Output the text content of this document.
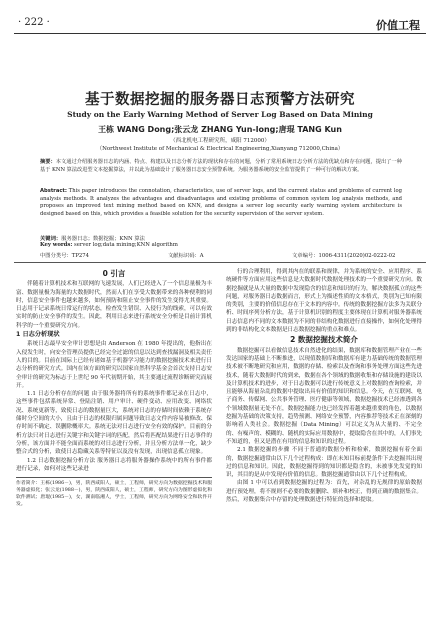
· 222 ·	价值工程
基于数据挖掘的服务器日志预警方法研究
Study on the Early Warning Method of Server Log Based on Data Mining
王栋 WANG Dong;张云龙 ZHANG Yun-long;唐琨 TANG Kun
（西北机电工程研究所，咸阳 712000）
（Northwest Institute of Mechanical & Electrical Engineering,Xianyang 712000,China）
摘要：本文通过介绍服务器日志的内涵、特点、构建以及日志分析方法的现状和存在的问题，分析了常用系统日志分析方法的优缺点和存在问题，提出了一种基于 KNN 算法改进型文本挖掘算法，并以此为基础设计了服务器日志安全预警系统。为服务器系统的安全监管提供了一种可行的解决方案。
Abstract: This paper introduces the connotation, characteristics, use of server logs, and the current status and problems of current log analysis methods. It analyzes the advantages and disadvantages and existing problems of common system log analysis methods, and proposes an improved text mining method based on KNN, and designs a server log security early warning system architecture is designed based on this, which provides a feasible solution for the security supervision of the server system.
关键词：服务器日志；数据挖掘；KNN 算法
Key words: server log;data mining;KNN algorithm
中图分类号：TP274	文献标识码：A	文章编号：1006-4311(2020)02-0222-02
0 引言

伴随着计算机技术和互联网的飞速发展，人们已经进入了一个信息量极为丰富、数据量极为海量的大数据时代，然而人们在享受大数据带来的各种便利的同时，信息安全事件也越来越多，如何预防和阻止安全事件的发生变得尤其重要。日志用于记录系统日常运行的状态，检查发生错误、入侵行为的线索，可以有效实时的防止安全事件的发生。因此，利用日志来进行系统安全分析是目前计算机科学的一个重要研究方向。

1 日志分析现状

系统日志最早安全审计思想是由 Anderson 在 1980 年提出的，他指出在入侵发生时，向安全管理员提供已经完全过滤的信息以达到查找漏洞及相关责任人的目的。目前在国际上已经有诸如基于机器学习能力的数据挖掘技术来进行日志分析的研究方式。国内在该方面的研究以国家自然科学基金会首次支持日志安全审计的研究为标志于上世纪 90 年代初期开始，其主要通过流程诊断研究而展开。

1.1 日志分析存在的问题 由于服务器将所有的系统事件都记录在日志中，这些事件包括系统异常、登陆注销、用户审计、硬件变动、应用改变、网络状况、系统更新等，致使日志的数据量巨大，系统对日志的存储时间依赖于系统存储时分空间的大小，且由于日志的权限归属问题导致日志文件内容易被修改、保存时间不确定、误删除概率大。系统无法对日志进行安全有效的保护。目前的分析方法只对日志进行关键字和关键字词的匹配，然后将匹配结果进行日志事件的分析，该方面并不能全面而系统的对日志进行分析，并且分析方法单一化，缺少整合式的分析，致使日志隐藏关系等特征以及没有发现，出现信息孤立现象。

1.2 日志数据挖掘分析方法 服务器日志将服务器操作系统中的所有事件都进行记录，如何对这些记录进

作者简介：王栋(1986－)，男，陕西咸阳人，硕士，工程师，研究方向为数据挖掘技术和服务器虚拟化；张云龙(1988－)，男，陕西咸阳人，硕士，工程师，研究方向为图形虚拟化和软件测试；唐琨(1985－)，女，湖南临湘人，学士，工程师，研究方向为网络安全和软件开发。

行的合理利用，得到其内在的联系和规律，并为系统的安全、应用程序、系统硬件等方面应用这些信息是大数据时代数据处理技术的一个重要研究方向。数据挖掘就是从大量的数据中发现隐含的信息和知识的行为，解决数据孤立的这些问题，对服务器日志数据而言，形式上为描述性质的文本格式，类别为已知有限的类别，主要的价值信息存在于文本的内容中。传统的数据挖掘方法多为关联分析、时间序列分析方法，基于计算机识别的程度主要体现在计算机对服务器系统日志信息内不同的文本数据为不同的非结构化数据进行直接操作，如何化处理得到的非结构化文本数据是日志数据挖掘的重点和难点。

2 数据挖掘技术简介

数据挖掘可以看做信息技术自然进化的结果，数据库和数据管理产业在一些发达国家的基础上不断推进，以现值数据库和数据库有建力基础传统的数据管理技术被不断地研究和应用，数据的存储、检索以及查询和事务处理方面这些先进技术，随着大数据时代的到来，数据在各个领域的数据收集和存储设施的建设以及计算机技术的进步，对于日志数据可以进行传统意义上对数据的查询检索，并且能够从海量杂乱的数据中提取出具有价值的知识和信息。今天，在互联网、电子商务、传媒网、公共事务管理、医疗健康等领域，数据挖掘技术已经渗透到各个领域数据量无处不在，数据挖掘能力也已经发挥着越来越重要的角色，以数据挖掘为基础的决策支持，趋势预测、网络安全预警，内容推荐等技术正在深刻的影响着人类社会。数据挖掘（Data Mining）可以定义为从大量的、不完全的、有噪声的、模糊的、随机的实际应用数据中，提取隐含在其中的，人们事先不知道的，但又是潜在有用的信息和知识的过程。

2.1 数据挖掘的步骤 不同于普通的数据分析和检索，数据挖掘有着全面的，数据挖掘通常由以下几个过程构成：即在未知目标前提条件下去挖掘其出现过的信息和知识。因此，数据挖掘得到的知识都是隐含的，未被事先发觉的知识，其目的是从中发现有价值的信息。数据挖掘通常由以下几个过程构成。

由图 1 中可以看到数据挖掘的过程为：首先，对杂乱的无规律的原始数据进行预处理，将不规则不必要的数据删除、填补和校正，得到正确的数据集合。然后，对数据集合中存留的处理数据进行特征的选择和提取。
